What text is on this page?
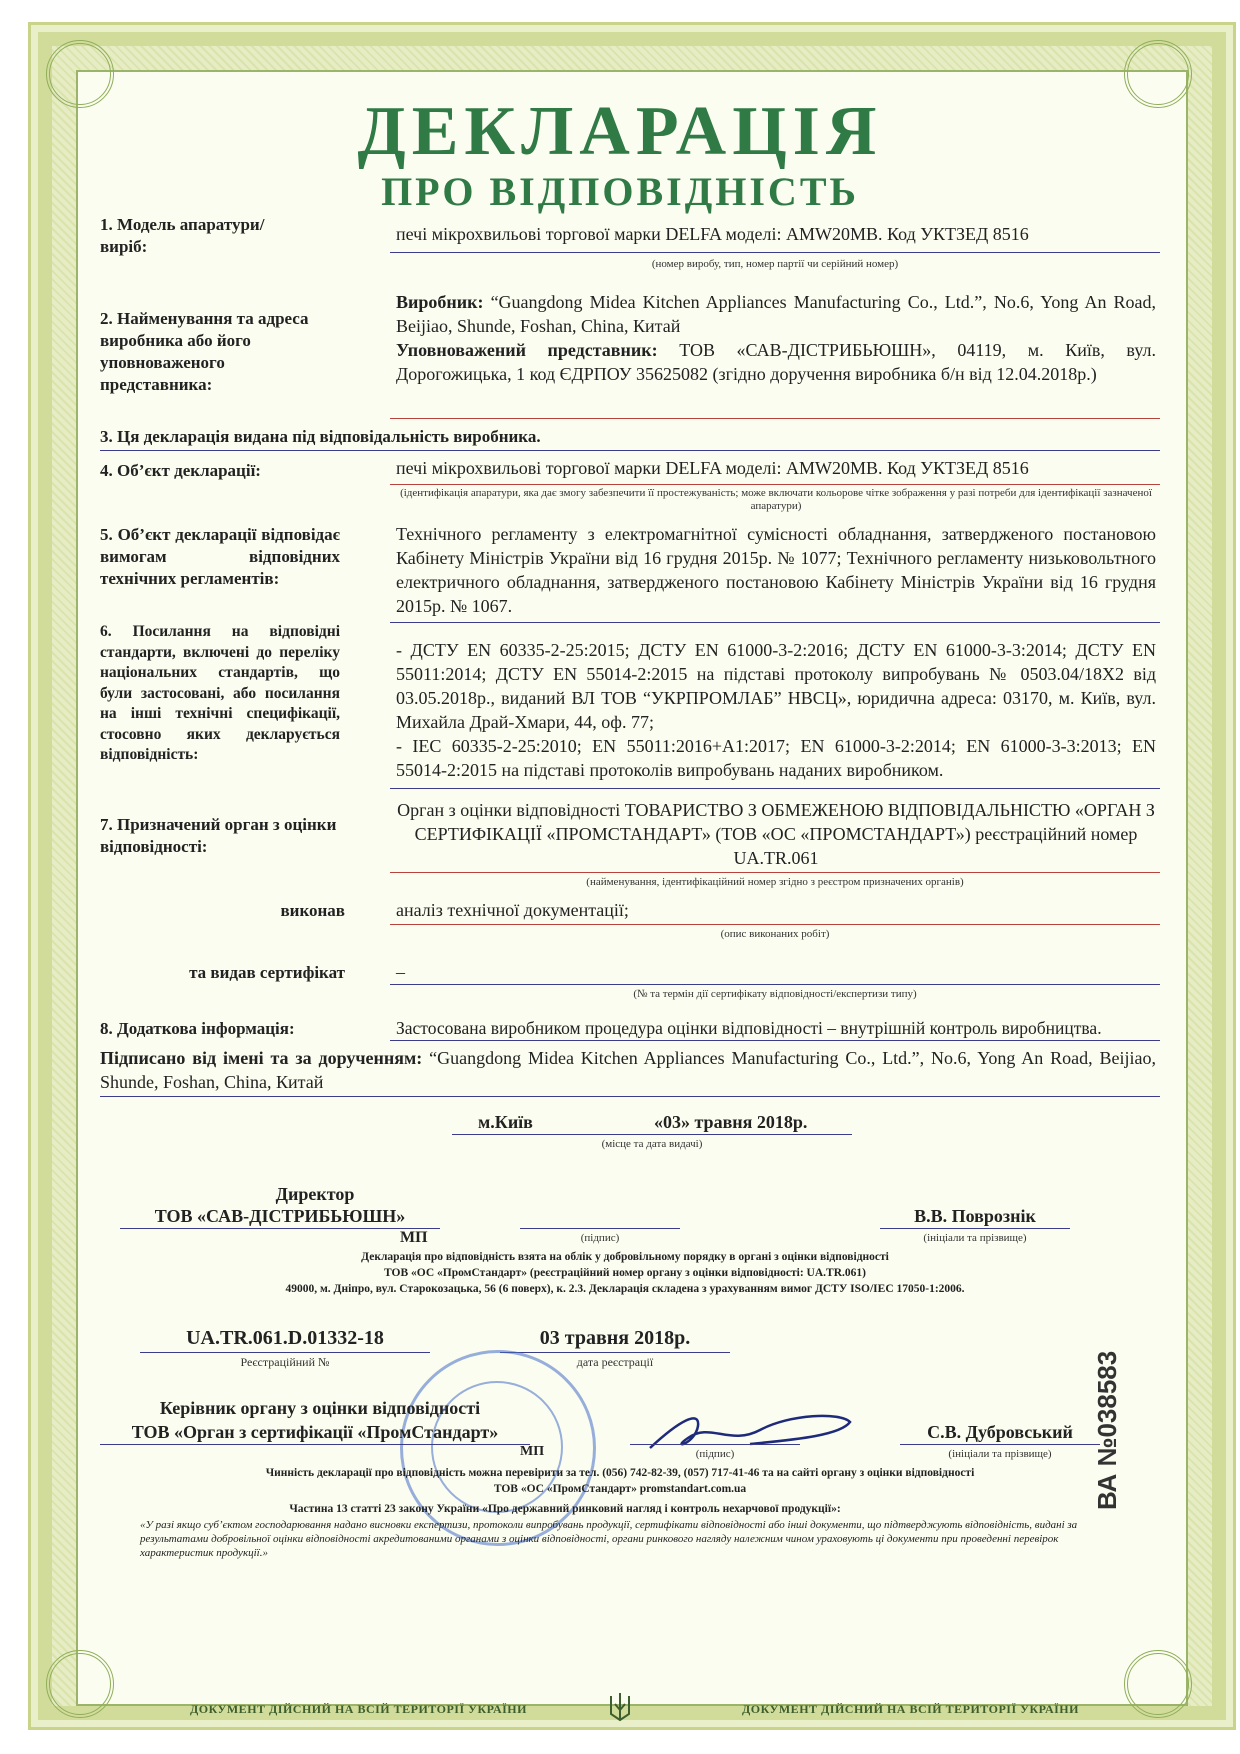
ДЕКЛАРАЦІЯ
ПРО ВІДПОВІДНІСТЬ
1. Модель апаратури/виріб:
печі мікрохвильові торгової марки DELFA моделі: AMW20MB. Код УКТЗЕД 8516
(номер виробу, тип, номер партії чи серійний номер)
2. Найменування та адреса виробника або його уповноваженого представника:
Виробник: “Guangdong Midea Kitchen Appliances Manufacturing Co., Ltd.”, No.6, Yong An Road, Beijiao, Shunde, Foshan, China, Китай
Уповноважений представник: ТОВ «САВ-ДІСТРИБЬЮШН», 04119, м. Київ, вул. Дорогожицька, 1 код ЄДРПОУ 35625082 (згідно доручення виробника б/н від 12.04.2018р.)
3. Ця декларація видана під відповідальність виробника.
4. Об’єкт декларації:	печі мікрохвильові торгової марки DELFA моделі: AMW20MB. Код УКТЗЕД 8516
(ідентифікація апаратури, яка дає змогу забезпечити її простежуваність; може включати кольорове чітке зображення у разі потреби для ідентифікації зазначеної апаратури)
5. Об’єкт декларації відповідає вимогам відповідних технічних регламентів:
Технічного регламенту з електромагнітної сумісності обладнання, затвердженого постановою Кабінету Міністрів України від 16 грудня 2015р. № 1077; Технічного регламенту низьковольтного електричного обладнання, затвердженого постановою Кабінету Міністрів України від 16 грудня 2015р. № 1067.
6. Посилання на відповідні стандарти, включені до переліку національних стандартів, що були застосовані, або посилання на інші технічні специфікації, стосовно яких декларується відповідність:
- ДСТУ EN 60335-2-25:2015; ДСТУ EN 61000-3-2:2016; ДСТУ EN 61000-3-3:2014; ДСТУ EN 55011:2014; ДСТУ EN 55014-2:2015 на підставі протоколу випробувань № 0503.04/18Х2 від 03.05.2018р., виданий ВЛ ТОВ “УКРПРОМЛАБ” НВСЦ», юридична адреса: 03170, м. Київ, вул. Михайла Драй-Хмари, 44, оф. 77;
- IEC 60335-2-25:2010; EN 55011:2016+A1:2017; EN 61000-3-2:2014; EN 61000-3-3:2013; EN 55014-2:2015 на підставі протоколів випробувань наданих виробником.
7. Призначений орган з оцінки відповідності:
Орган з оцінки відповідності ТОВАРИСТВО З ОБМЕЖЕНОЮ ВІДПОВІДАЛЬНІСТЮ «ОРГАН З СЕРТИФІКАЦІЇ «ПРОМСТАНДАРТ» (ТОВ «ОС «ПРОМСТАНДАРТ») реєстраційний номер UA.TR.061
(найменування, ідентифікаційний номер згідно з реєстром призначених органів)
виконав	аналіз технічної документації;
(опис виконаних робіт)
та видав сертифікат	–
(№ та термін дії сертифікату відповідності/експертизи типу)
8. Додаткова інформація:	Застосована виробником процедура оцінки відповідності – внутрішній контроль виробництва.
Підписано від імені та за дорученням: “Guangdong Midea Kitchen Appliances Manufacturing Co., Ltd.”, No.6, Yong An Road, Beijiao, Shunde, Foshan, China, Китай
м.Київ	«03» травня 2018р.
(місце та дата видачі)
Директор
ТОВ «САВ-ДІСТРИБЬЮШН»
МП	(підпис)
В.В. Поврознік
(ініціали та прізвище)
Декларація про відповідність взята на облік у добровільному порядку в органі з оцінки відповідності
ТОВ «ОС «ПромСтандарт» (реєстраційний номер органу з оцінки відповідності: UA.TR.061)
49000, м. Дніпро, вул. Старокозацька, 56 (6 поверх), к. 2.3. Декларація складена з урахуванням вимог ДСТУ ISO/IEC 17050-1:2006.
UA.TR.061.D.01332-18
Реєстраційний №
03 травня 2018р.
дата реєстрації
Керівник органу з оцінки відповідності
ТОВ «Орган з сертифікації «ПромСтандарт»
МП	(підпис)
С.В. Дубровський
(ініціали та прізвище)
Чинність декларації про відповідність можна перевірити за тел. (056) 742-82-39, (057) 717-41-46 та на сайті органу з оцінки відповідності
ТОВ «ОС «ПромСтандарт» promstandart.com.ua
Частина 13 статті 23 закону України «Про державний ринковий нагляд і контроль нехарчової продукції»:
«У разі якщо суб’єктом господарювання надано висновки експертизи, протоколи випробувань продукції, сертифікати відповідності або інші документи, що підтверджують відповідність, видані за результатами добровільної оцінки відповідності акредитованими органами з оцінки відповідності, органи ринкового нагляду належним чином ураховують ці документи при проведенні перевірок характеристик продукції.»
ВА №038583
ДОКУМЕНТ ДІЙСНИЙ НА ВСІЙ ТЕРИТОРІЇ УКРАЇНИ	ДОКУМЕНТ ДІЙСНИЙ НА ВСІЙ ТЕРИТОРІЇ УКРАЇНИ
